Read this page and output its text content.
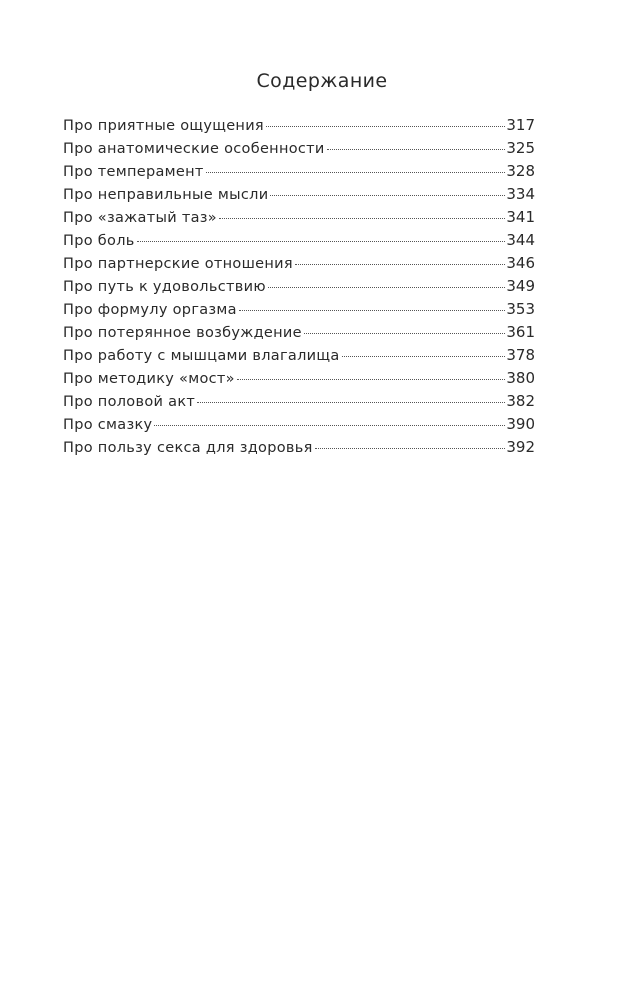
Содержание
Про приятные ощущения	317
Про анатомические особенности	325
Про темперамент	328
Про неправильные мысли	334
Про «зажатый таз»	341
Про боль	344
Про партнерские отношения	346
Про путь к удовольствию	349
Про формулу оргазма	353
Про потерянное возбуждение	361
Про работу с мышцами влагалища	378
Про методику «мост»	380
Про половой акт	382
Про смазку	390
Про пользу секса для здоровья	392
